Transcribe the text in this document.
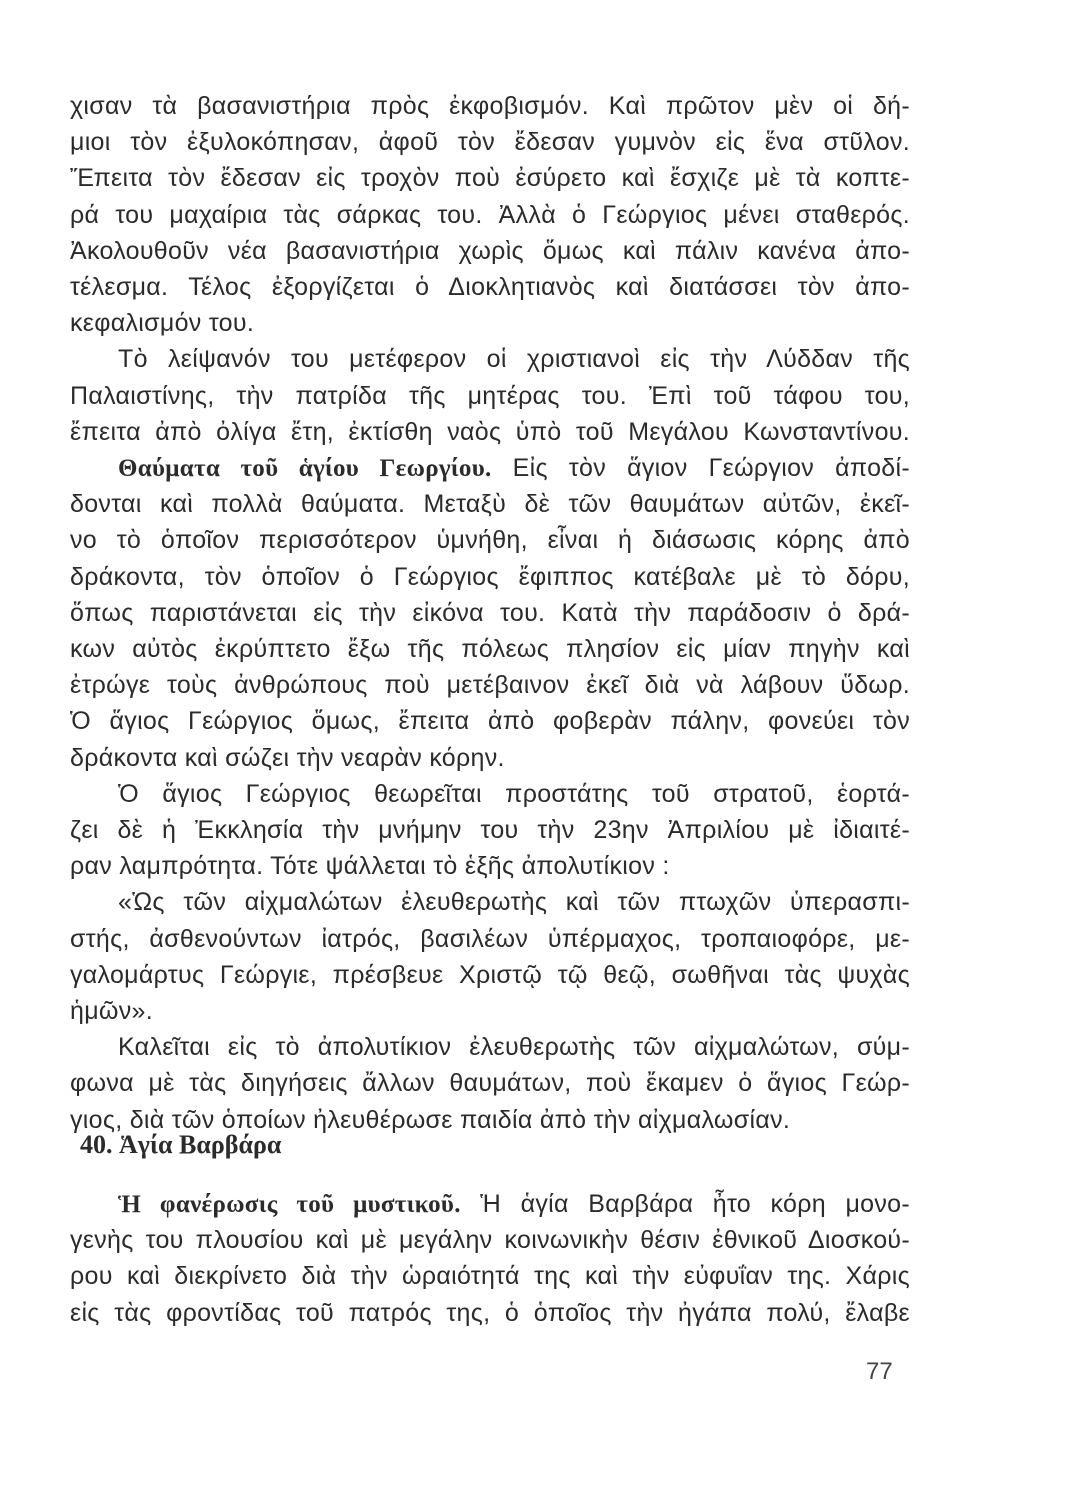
χισαν τὰ βασανιστήρια πρὸς ἐκφοβισμόν. Καὶ πρῶτον μὲν οἱ δή-
μιοι τὸν ἐξυλοκόπησαν, ἀφοῦ τὸν ἔδεσαν γυμνὸν εἰς ἕνα στῦλον.
Ἔπειτα τὸν ἔδεσαν εἰς τροχὸν ποὺ ἐσύρετο καὶ ἔσχιζε μὲ τὰ κοπτε-
ρά του μαχαίρια τὰς σάρκας του. Ἀλλὰ ὁ Γεώργιος μένει σταθερός.
Ἀκολουθοῦν νέα βασανιστήρια χωρὶς ὅμως καὶ πάλιν κανένα ἀπο-
τέλεσμα. Τέλος ἐξοργίζεται ὁ Διοκλητιανὸς καὶ διατάσσει τὸν ἀπο-
κεφαλισμόν του.
Τὸ λείψανόν του μετέφερον οἱ χριστιανοὶ εἰς τὴν Λύδδαν τῆς
Παλαιστίνης, τὴν πατρίδα τῆς μητέρας του. Ἐπὶ τοῦ τάφου του,
ἔπειτα ἀπὸ ὀλίγα ἔτη, ἐκτίσθη ναὸς ὑπὸ τοῦ Μεγάλου Κωνσταντίνου.
Θαύματα τοῦ ἁγίου Γεωργίου. Εἰς τὸν ἅγιον Γεώργιον ἀποδί-
δονται καὶ πολλὰ θαύματα. Μεταξὺ δὲ τῶν θαυμάτων αὐτῶν, ἐκεῖ-
νο τὸ ὁποῖον περισσότερον ὑμνήθη, εἶναι ἡ διάσωσις κόρης ἀπὸ
δράκοντα, τὸν ὁποῖον ὁ Γεώργιος ἔφιππος κατέβαλε μὲ τὸ δόρυ,
ὅπως παριστάνεται εἰς τὴν εἰκόνα του. Κατὰ τὴν παράδοσιν ὁ δρά-
κων αὐτὸς ἐκρύπτετο ἔξω τῆς πόλεως πλησίον εἰς μίαν πηγὴν καὶ
ἐτρώγε τοὺς ἀνθρώπους ποὺ μετέβαινον ἐκεῖ διὰ νὰ λάβουν ὕδωρ.
Ὁ ἅγιος Γεώργιος ὅμως, ἔπειτα ἀπὸ φοβερὰν πάλην, φονεύει τὸν
δράκοντα καὶ σώζει τὴν νεαρὰν κόρην.
Ὁ ἅγιος Γεώργιος θεωρεῖται προστάτης τοῦ στρατοῦ, ἑορτά-
ζει δὲ ἡ Ἐκκλησία τὴν μνήμην του τὴν 23ην Ἀπριλίου μὲ ἰδιαιτέ-
ραν λαμπρότητα. Τότε ψάλλεται τὸ ἑξῆς ἀπολυτίκιον :
«Ὡς τῶν αἰχμαλώτων ἐλευθερωτὴς καὶ τῶν πτωχῶν ὑπερασπι-
στής, ἀσθενούντων ἰατρός, βασιλέων ὑπέρμαχος, τροπαιοφόρε, με-
γαλομάρτυς Γεώργιε, πρέσβευε Χριστῷ τῷ θεῷ, σωθῆναι τὰς ψυχὰς
ἡμῶν».
Καλεῖται εἰς τὸ ἀπολυτίκιον ἐλευθερωτὴς τῶν αἰχμαλώτων, σύμ-
φωνα μὲ τὰς διηγήσεις ἄλλων θαυμάτων, ποὺ ἔκαμεν ὁ ἅγιος Γεώρ-
γιος, διὰ τῶν ὁποίων ἠλευθέρωσε παιδία ἀπὸ τὴν αἰχμαλωσίαν.
40. Ἁγία Βαρβάρα
Ἡ φανέρωσις τοῦ μυστικοῦ. Ἡ ἁγία Βαρβάρα ἦτο κόρη μονο-
γενὴς του πλουσίου καὶ μὲ μεγάλην κοινωνικὴν θέσιν ἐθνικοῦ Διοσκού-
ρου καὶ διεκρίνετο διὰ τὴν ὡραιότητά της καὶ τὴν εὐφυΐαν της. Χάρις
εἰς τὰς φροντίδας τοῦ πατρός της, ὁ ὁποῖος τὴν ἠγάπα πολύ, ἔλαβε
77
